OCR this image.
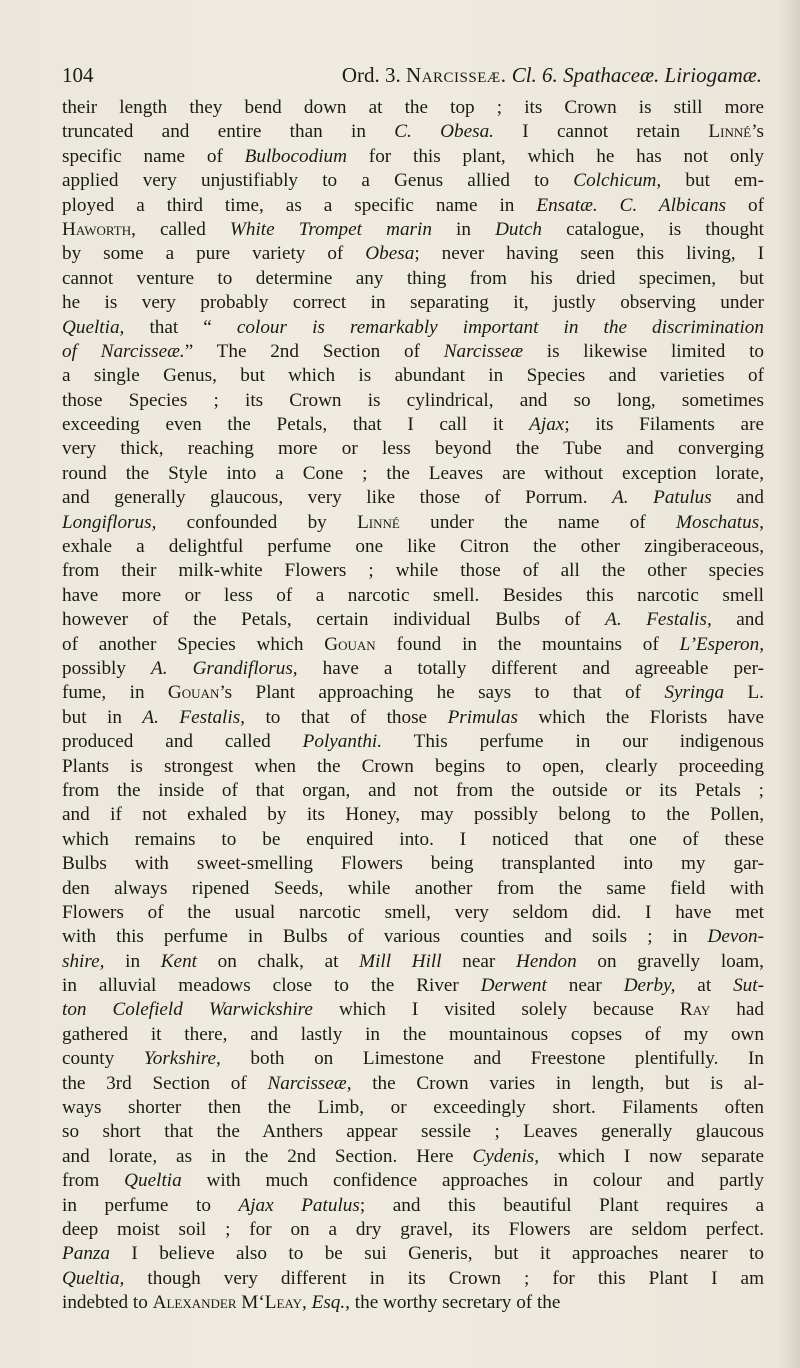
104	Ord. 3. Narcisseæ. Cl. 6. Spathaceæ. Liriogamæ.
their length they bend down at the top ; its Crown is still more
truncated and entire than in C. Obesa. I cannot retain Linné’s
specific name of Bulbocodium for this plant, which he has not only
applied very unjustifiably to a Genus allied to Colchicum, but em-
ployed a third time, as a specific name in Ensatæ. C. Albicans of
Haworth, called White Trompet marin in Dutch catalogue, is thought
by some a pure variety of Obesa; never having seen this living, I
cannot venture to determine any thing from his dried specimen, but
he is very probably correct in separating it, justly observing under
Queltia, that “ colour is remarkably important in the discrimination
of Narcisseæ.” The 2nd Section of Narcisseæ is likewise limited to
a single Genus, but which is abundant in Species and varieties of
those Species ; its Crown is cylindrical, and so long, sometimes
exceeding even the Petals, that I call it Ajax; its Filaments are
very thick, reaching more or less beyond the Tube and converging
round the Style into a Cone ; the Leaves are without exception lorate,
and generally glaucous, very like those of Porrum. A. Patulus and
Longiflorus, confounded by Linné under the name of Moschatus,
exhale a delightful perfume one like Citron the other zingiberaceous,
from their milk-white Flowers ; while those of all the other species
have more or less of a narcotic smell. Besides this narcotic smell
however of the Petals, certain individual Bulbs of A. Festalis, and
of another Species which Gouan found in the mountains of L’Esperon,
possibly A. Grandiflorus, have a totally different and agreeable per-
fume, in Gouan’s Plant approaching he says to that of Syringa L.
but in A. Festalis, to that of those Primulas which the Florists have
produced and called Polyanthi. This perfume in our indigenous
Plants is strongest when the Crown begins to open, clearly proceeding
from the inside of that organ, and not from the outside or its Petals ;
and if not exhaled by its Honey, may possibly belong to the Pollen,
which remains to be enquired into. I noticed that one of these
Bulbs with sweet-smelling Flowers being transplanted into my gar-
den always ripened Seeds, while another from the same field with
Flowers of the usual narcotic smell, very seldom did. I have met
with this perfume in Bulbs of various counties and soils ; in Devon-
shire, in Kent on chalk, at Mill Hill near Hendon on gravelly loam,
in alluvial meadows close to the River Derwent near Derby, at Sut-
ton Colefield Warwickshire which I visited solely because Ray had
gathered it there, and lastly in the mountainous copses of my own
county Yorkshire, both on Limestone and Freestone plentifully. In
the 3rd Section of Narcisseæ, the Crown varies in length, but is al-
ways shorter then the Limb, or exceedingly short. Filaments often
so short that the Anthers appear sessile ; Leaves generally glaucous
and lorate, as in the 2nd Section. Here Cydenis, which I now separate
from Queltia with much confidence approaches in colour and partly
in perfume to Ajax Patulus; and this beautiful Plant requires a
deep moist soil ; for on a dry gravel, its Flowers are seldom perfect.
Panza I believe also to be sui Generis, but it approaches nearer to
Queltia, though very different in its Crown ; for this Plant I am
indebted to Alexander M‘Leay, Esq., the worthy secretary of the
